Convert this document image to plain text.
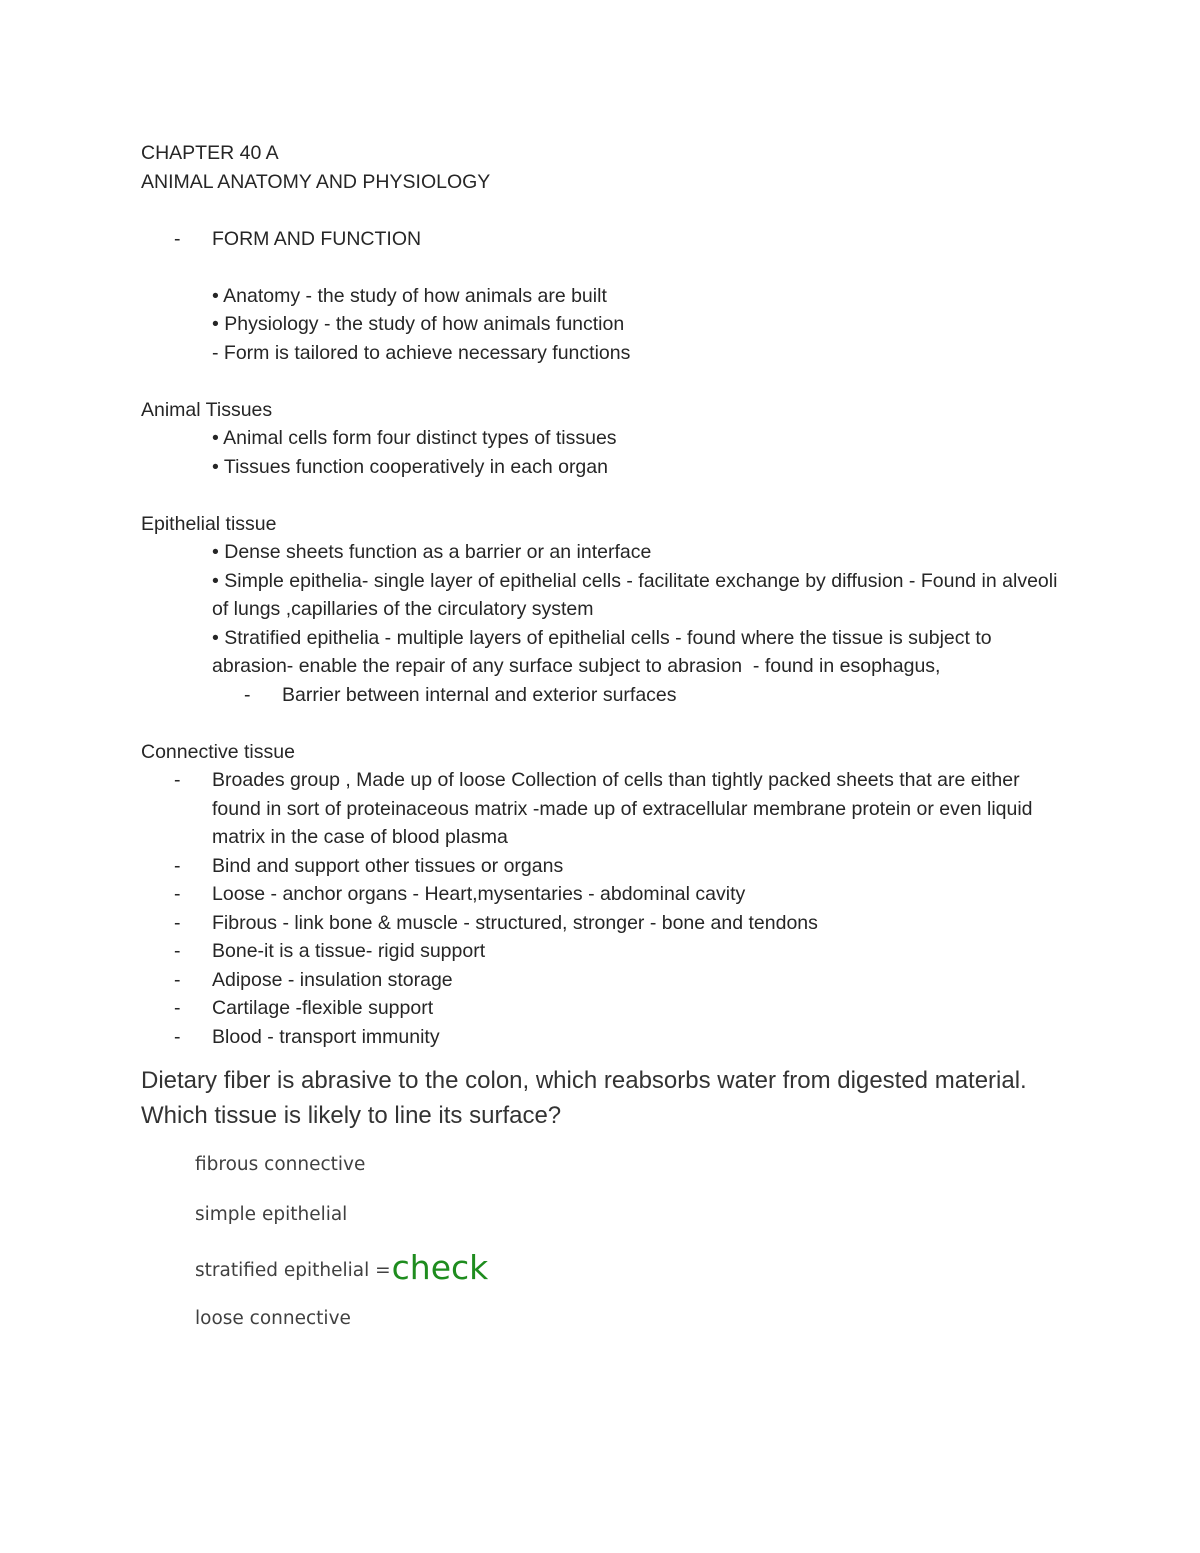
CHAPTER 40 A
ANIMAL ANATOMY AND PHYSIOLOGY
-	FORM AND FUNCTION
• Anatomy - the study of how animals are built
• Physiology - the study of how animals function
- Form is tailored to achieve necessary functions
Animal Tissues
• Animal cells form four distinct types of tissues
• Tissues function cooperatively in each organ
Epithelial tissue
• Dense sheets function as a barrier or an interface
• Simple epithelia- single layer of epithelial cells - facilitate exchange by diffusion - Found in alveoli of lungs ,capillaries of the circulatory system
• Stratified epithelia - multiple layers of epithelial cells - found where the tissue is subject to abrasion- enable the repair of any surface subject to abrasion  - found in esophagus,
-	Barrier between internal and exterior surfaces
Connective tissue
-	Broades group , Made up of loose Collection of cells than tightly packed sheets that are either found in sort of proteinaceous matrix -made up of extracellular membrane protein or even liquid matrix in the case of blood plasma
-	Bind and support other tissues or organs
-	Loose - anchor organs - Heart,mysentaries - abdominal cavity
-	Fibrous - link bone & muscle - structured, stronger - bone and tendons
-	Bone-it is a tissue- rigid support
-	Adipose - insulation storage
-	Cartilage -flexible support
-	Blood - transport immunity
Dietary fiber is abrasive to the colon, which reabsorbs water from digested material. Which tissue is likely to line its surface?
fibrous connective
simple epithelial
stratified epithelial = check
loose connective
